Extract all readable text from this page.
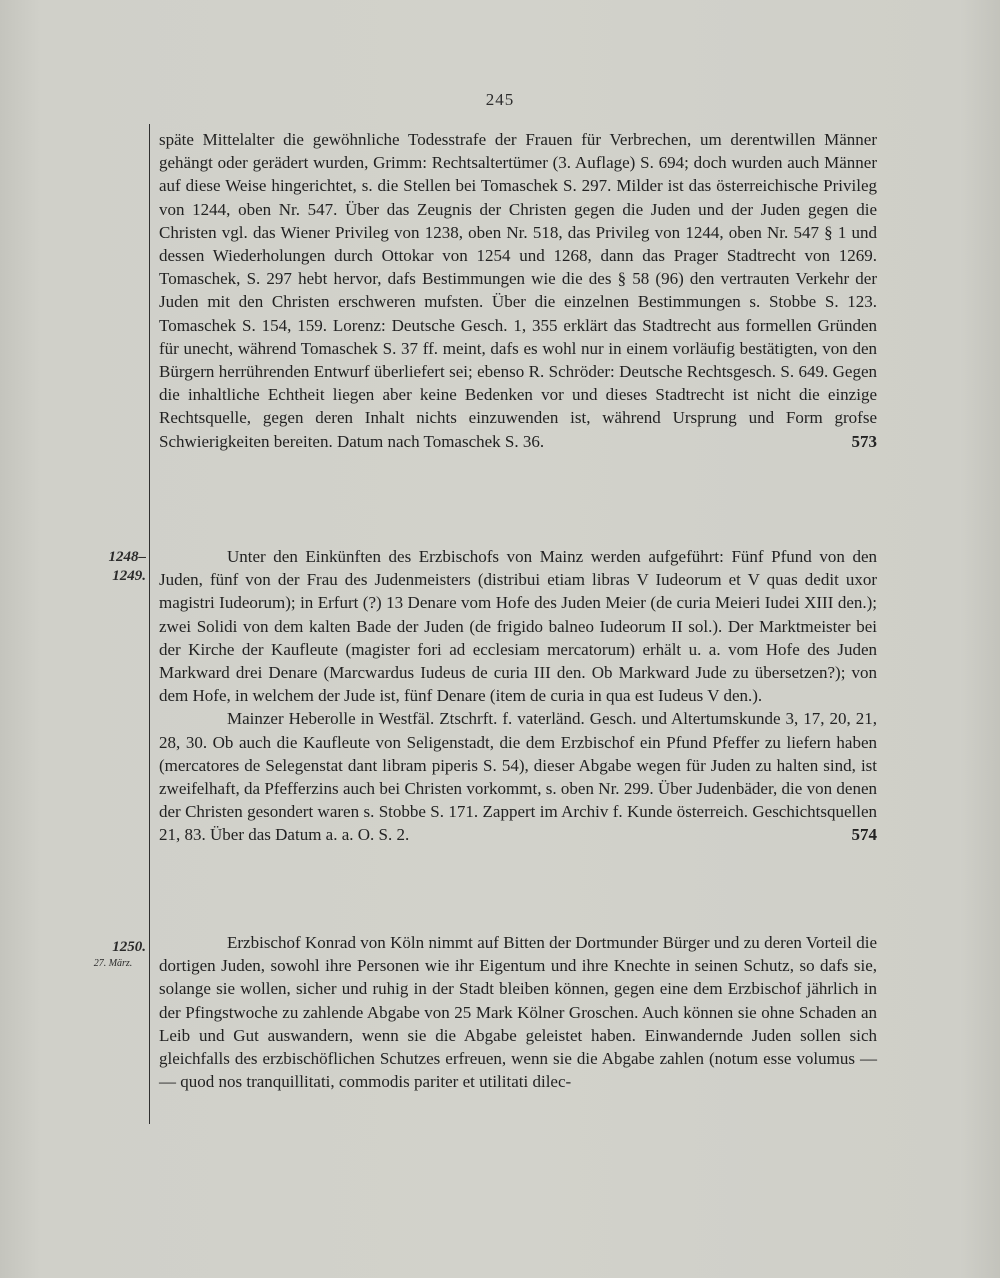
245

späte Mittelalter die gewöhnliche Todesstrafe der Frauen für Verbrechen, um derentwillen Männer gehängt oder gerädert wurden, Grimm: Rechtsaltertümer (3. Auflage) S. 694; doch wurden auch Männer auf diese Weise hingerichtet, s. die Stellen bei Tomaschek S. 297. Milder ist das österreichische Privileg von 1244, oben Nr. 547. Über das Zeugnis der Christen gegen die Juden und der Juden gegen die Christen vgl. das Wiener Privileg von 1238, oben Nr. 518, das Privileg von 1244, oben Nr. 547 § 1 und dessen Wiederholungen durch Ottokar von 1254 und 1268, dann das Prager Stadtrecht von 1269. Tomaschek, S. 297 hebt hervor, dafs Bestimmungen wie die des § 58 (96) den vertrauten Verkehr der Juden mit den Christen erschweren mufsten. Über die einzelnen Bestimmungen s. Stobbe S. 123. Tomaschek S. 154, 159. Lorenz: Deutsche Gesch. 1, 355 erklärt das Stadtrecht aus formellen Gründen für unecht, während Tomaschek S. 37 ff. meint, dafs es wohl nur in einem vorläufig bestätigten, von den Bürgern herrührenden Entwurf überliefert sei; ebenso R. Schröder: Deutsche Rechtsgesch. S. 649. Gegen die inhaltliche Echtheit liegen aber keine Bedenken vor und dieses Stadtrecht ist nicht die einzige Rechtsquelle, gegen deren Inhalt nichts einzuwenden ist, während Ursprung und Form grofse Schwierigkeiten bereiten. Datum nach Tomaschek S. 36.	573

1248–
1249.

Unter den Einkünften des Erzbischofs von Mainz werden aufgeführt: Fünf Pfund von den Juden, fünf von der Frau des Judenmeisters (distribui etiam libras V Iudeorum et V quas dedit uxor magistri Iudeorum); in Erfurt (?) 13 Denare vom Hofe des Juden Meier (de curia Meieri Iudei XIII den.); zwei Solidi von dem kalten Bade der Juden (de frigido balneo Iudeorum II sol.). Der Marktmeister bei der Kirche der Kaufleute (magister fori ad ecclesiam mercatorum) erhält u. a. vom Hofe des Juden Markward drei Denare (Marcwardus Iudeus de curia III den. Ob Markward Jude zu übersetzen?); von dem Hofe, in welchem der Jude ist, fünf Denare (item de curia in qua est Iudeus V den.).

Mainzer Heberolle in Westfäl. Ztschrft. f. vaterländ. Gesch. und Altertumskunde 3, 17, 20, 21, 28, 30. Ob auch die Kaufleute von Seligenstadt, die dem Erzbischof ein Pfund Pfeffer zu liefern haben (mercatores de Selegenstat dant libram piperis S. 54), dieser Abgabe wegen für Juden zu halten sind, ist zweifelhaft, da Pfefferzins auch bei Christen vorkommt, s. oben Nr. 299. Über Judenbäder, die von denen der Christen gesondert waren s. Stobbe S. 171. Zappert im Archiv f. Kunde österreich. Geschichtsquellen 21, 83. Über das Datum a. a. O. S. 2.	574

1250.
27. März.

Erzbischof Konrad von Köln nimmt auf Bitten der Dortmunder Bürger und zu deren Vorteil die dortigen Juden, sowohl ihre Personen wie ihr Eigentum und ihre Knechte in seinen Schutz, so dafs sie, solange sie wollen, sicher und ruhig in der Stadt bleiben können, gegen eine dem Erzbischof jährlich in der Pfingstwoche zu zahlende Abgabe von 25 Mark Kölner Groschen. Auch können sie ohne Schaden an Leib und Gut auswandern, wenn sie die Abgabe geleistet haben. Einwandernde Juden sollen sich gleichfalls des erzbischöflichen Schutzes erfreuen, wenn sie die Abgabe zahlen (notum esse volumus — — quod nos tranquillitati, commodis pariter et utilitati dilec-
